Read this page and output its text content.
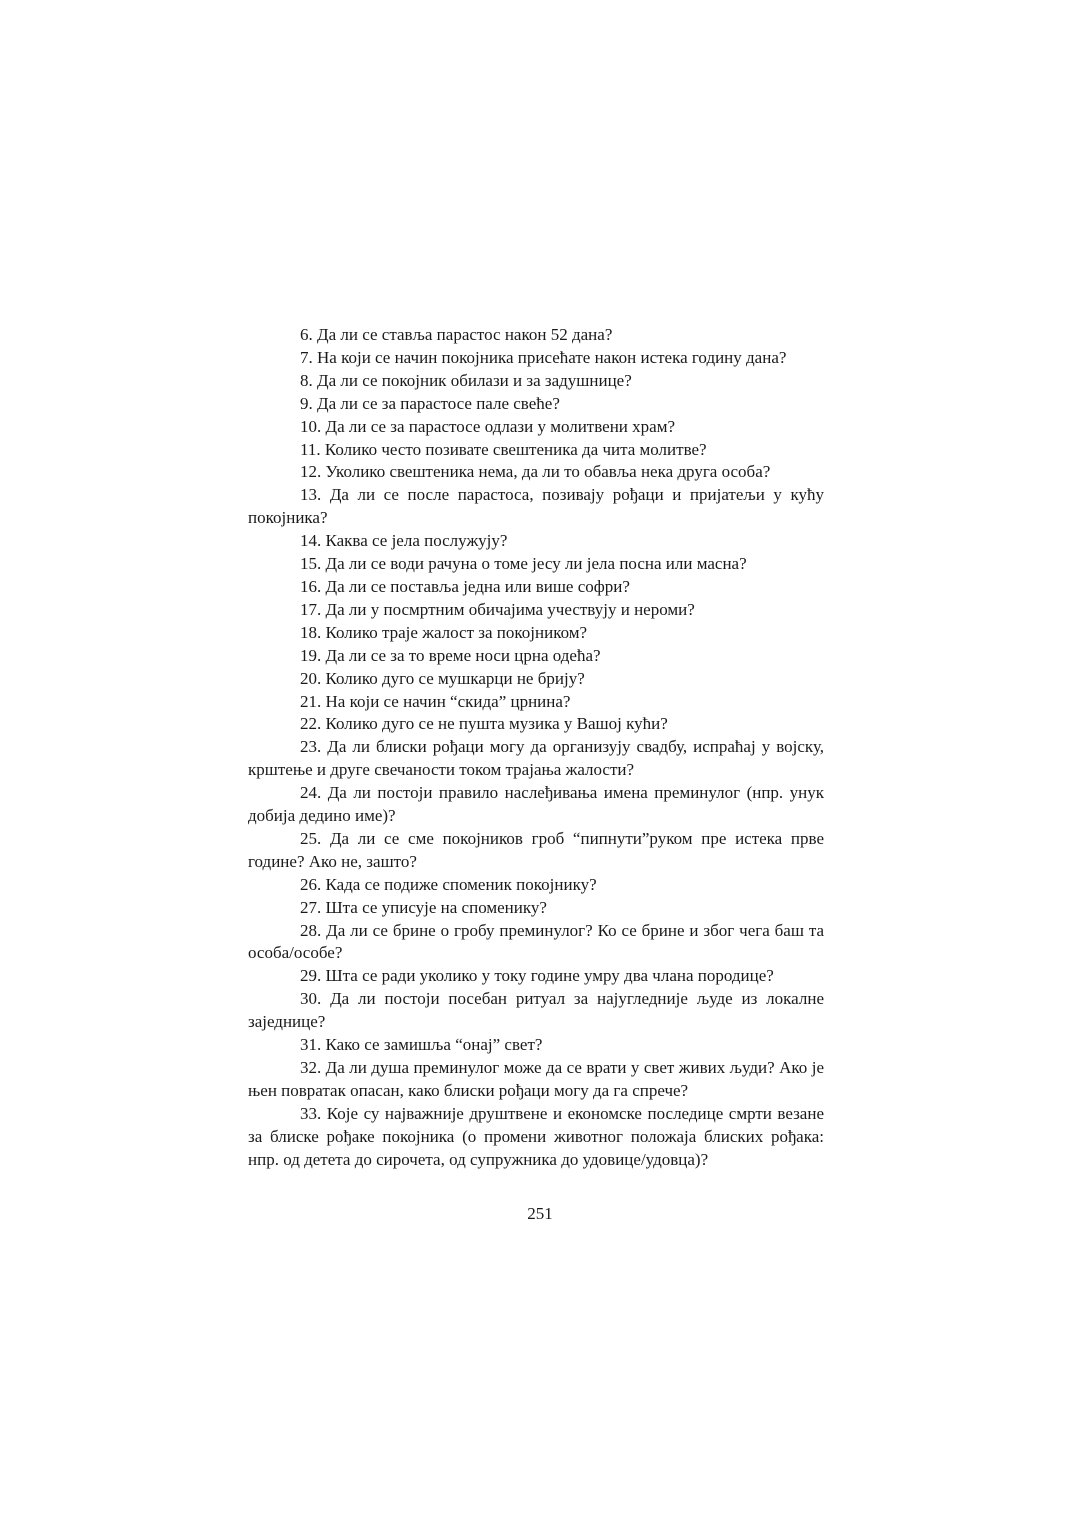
6. Да ли се ставља парастос након 52 дана?

7. На који се начин покојника присећате након истека годину дана?

8. Да ли се покојник обилази и за задушнице?

9. Да ли се за парастосе пале свеће?

10. Да ли се за парастосе одлази у молитвени храм?

11. Колико често позивате свештеника да чита молитве?

12. Уколико свештеника нема, да ли то обавља нека друга особа?

13. Да ли се после парастоса, позивају рођаци и пријатељи у кућу покојника?

14. Каква се јела послужују?

15. Да ли се води рачуна о томе јесу ли јела посна или масна?

16. Да ли се поставља једна или више софри?

17. Да ли у посмртним обичајима учествују и нероми?

18. Колико траје жалост за покојником?

19. Да ли се за то време носи црна одећа?

20. Колико дуго се мушкарци не брију?

21. На који се начин “скида” црнина?

22. Колико дуго се не пушта музика у Вашој кући?

23. Да ли блиски рођаци могу да организују свадбу, испраћај у војску, крштење и друге свечаности током трајања жалости?

24. Да ли постоји правило наслеђивања имена преминулог (нпр. унук добија дедино име)?

25. Да ли се сме покојников гроб “пипнути”руком пре истека прве године? Ако не, зашто?

26. Када се подиже споменик покојнику?

27. Шта се уписује на споменику?

28. Да ли се брине о гробу преминулог? Ко се брине и због чега баш та особа/особе?

29. Шта се ради уколико у току године умру два члана породице?

30. Да ли постоји посебан ритуал за најугледније људе из локалне заједнице?

31. Како се замишља “онај” свет?

32. Да ли душа преминулог може да се врати у свет живих људи? Ако је њен повратак опасан, како блиски рођаци могу да га спрече?

33. Које су најважније друштвене и економске последице смрти везане за блиске рођаке покојника (о промени животног положаја блиских рођака: нпр. од детета до сирочета, од супружника до удовице/удовца)?

251
